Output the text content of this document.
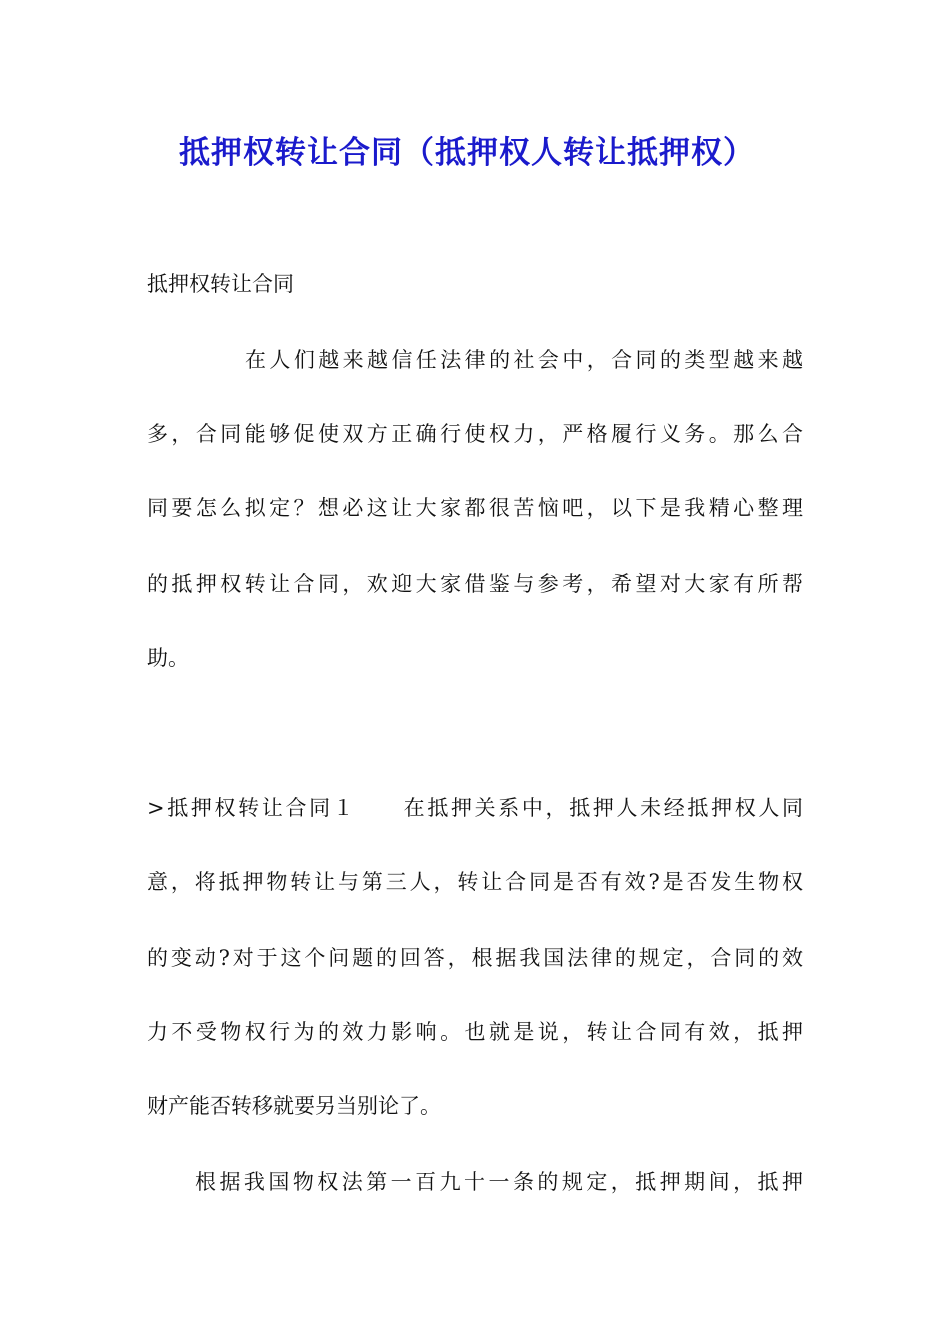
抵押权转让合同（抵押权人转让抵押权）
抵押权转让合同
在人们越来越信任法律的社会中，合同的类型越来越
多，合同能够促使双方正确行使权力，严格履行义务。那么合
同要怎么拟定？想必这让大家都很苦恼吧，以下是我精心整理
的抵押权转让合同，欢迎大家借鉴与参考，希望对大家有所帮
助。
>抵押权转让合同１　　在抵押关系中，抵押人未经抵押权人同
意，将抵押物转让与第三人，转让合同是否有效?是否发生物权
的变动?对于这个问题的回答，根据我国法律的规定，合同的效
力不受物权行为的效力影响。也就是说，转让合同有效，抵押
财产能否转移就要另当别论了。
根据我国物权法第一百九十一条的规定，抵押期间，抵押
